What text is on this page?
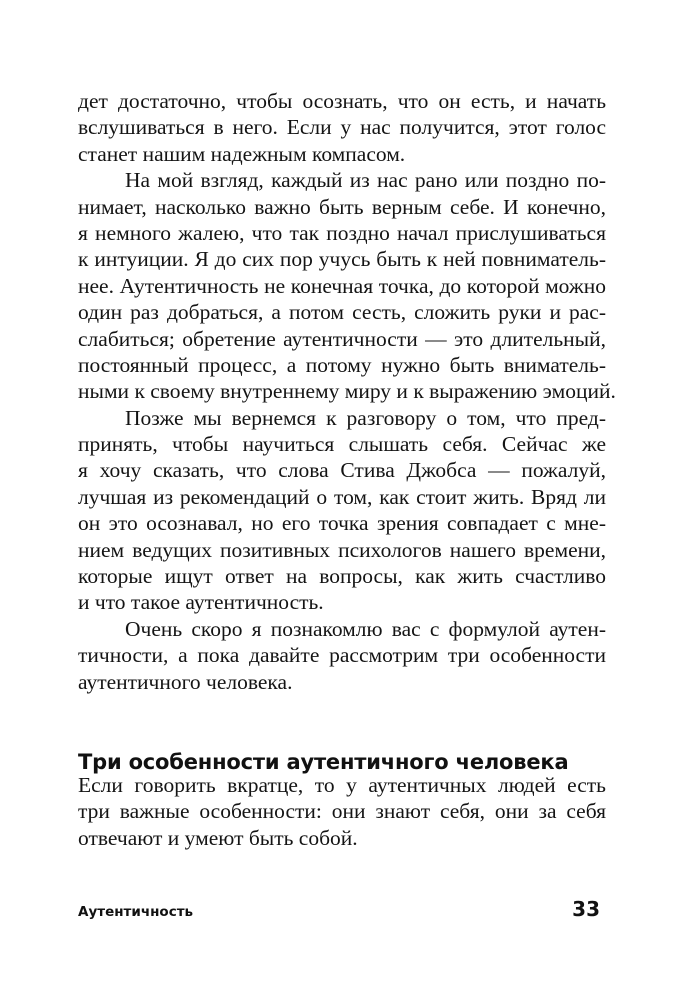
дет достаточно, чтобы осознать, что он есть, и начать
вслушиваться в него. Если у нас получится, этот голос
станет нашим надежным компасом.

На мой взгляд, каждый из нас рано или поздно по-
нимает, насколько важно быть верным себе. И конечно,
я немного жалею, что так поздно начал прислушиваться
к интуиции. Я до сих пор учусь быть к ней повниматель-
нее. Аутентичность не конечная точка, до которой можно
один раз добраться, а потом сесть, сложить руки и рас-
слабиться; обретение аутентичности — это длительный,
постоянный процесс, а потому нужно быть вниматель-
ными к своему внутреннему миру и к выражению эмоций.

Позже мы вернемся к разговору о том, что пред-
принять, чтобы научиться слышать себя. Сейчас же
я хочу сказать, что слова Стива Джобса — пожалуй,
лучшая из рекомендаций о том, как стоит жить. Вряд ли
он это осознавал, но его точка зрения совпадает с мне-
нием ведущих позитивных психологов нашего времени,
которые ищут ответ на вопросы, как жить счастливо
и что такое аутентичность.

Очень скоро я познакомлю вас с формулой аутен-
тичности, а пока давайте рассмотрим три особенности
аутентичного человека.

Три особенности аутентичного человека

Если говорить вкратце, то у аутентичных людей есть
три важные особенности: они знают себя, они за себя
отвечают и умеют быть собой.

Аутентичность	33
